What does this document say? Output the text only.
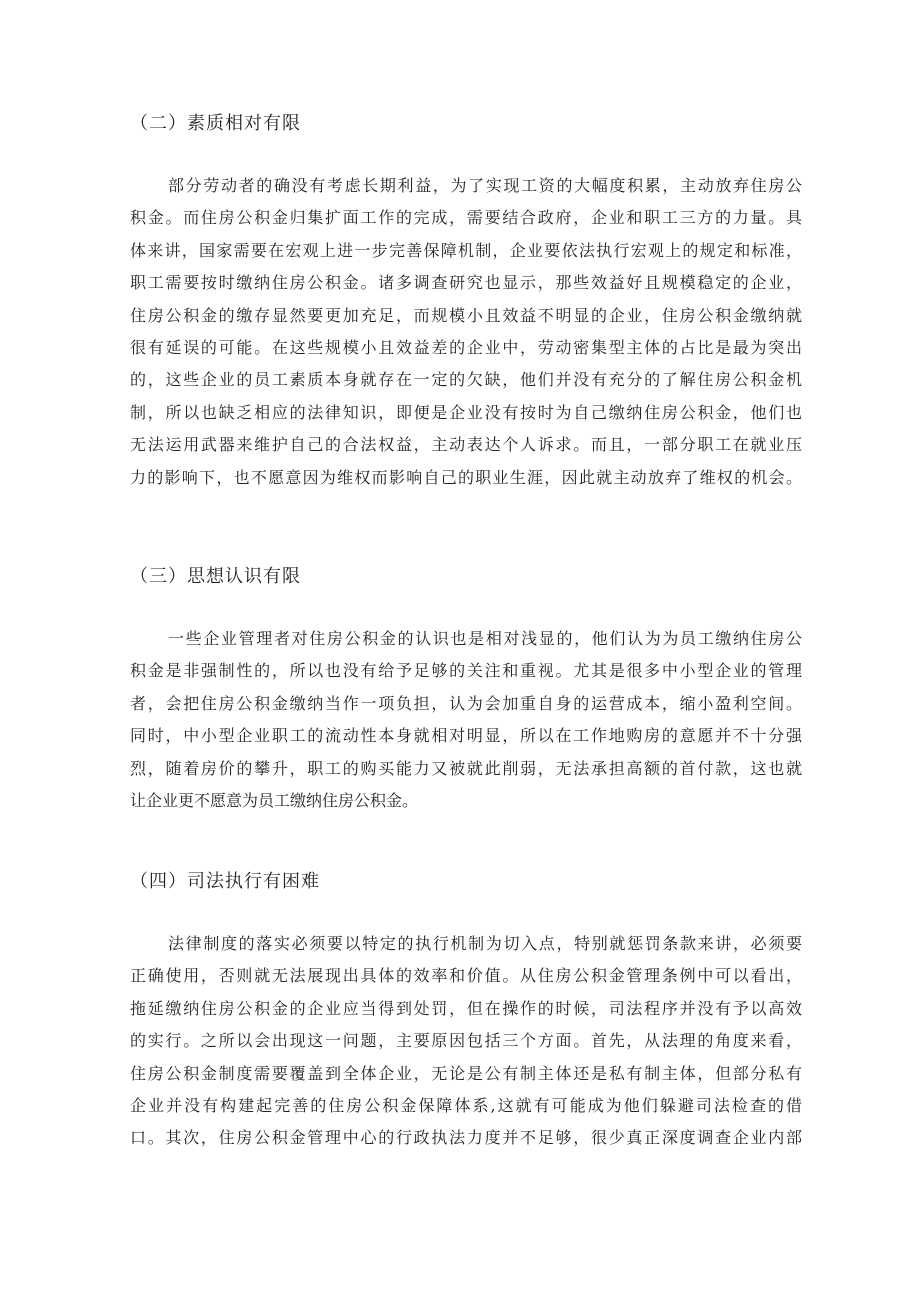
（二）素质相对有限
部分劳动者的确没有考虑长期利益，为了实现工资的大幅度积累，主动放弃住房公
积金。而住房公积金归集扩面工作的完成，需要结合政府，企业和职工三方的力量。具
体来讲，国家需要在宏观上进一步完善保障机制，企业要依法执行宏观上的规定和标准，
职工需要按时缴纳住房公积金。诸多调查研究也显示，那些效益好且规模稳定的企业，
住房公积金的缴存显然要更加充足，而规模小且效益不明显的企业，住房公积金缴纳就
很有延误的可能。在这些规模小且效益差的企业中，劳动密集型主体的占比是最为突出
的，这些企业的员工素质本身就存在一定的欠缺，他们并没有充分的了解住房公积金机
制，所以也缺乏相应的法律知识，即便是企业没有按时为自己缴纳住房公积金，他们也
无法运用武器来维护自己的合法权益，主动表达个人诉求。而且，一部分职工在就业压
力的影响下，也不愿意因为维权而影响自己的职业生涯，因此就主动放弃了维权的机会。
（三）思想认识有限
一些企业管理者对住房公积金的认识也是相对浅显的，他们认为为员工缴纳住房公
积金是非强制性的，所以也没有给予足够的关注和重视。尤其是很多中小型企业的管理
者，会把住房公积金缴纳当作一项负担，认为会加重自身的运营成本，缩小盈利空间。
同时，中小型企业职工的流动性本身就相对明显，所以在工作地购房的意愿并不十分强
烈，随着房价的攀升，职工的购买能力又被就此削弱，无法承担高额的首付款，这也就
让企业更不愿意为员工缴纳住房公积金。
（四）司法执行有困难
法律制度的落实必须要以特定的执行机制为切入点，特别就惩罚条款来讲，必须要
正确使用，否则就无法展现出具体的效率和价值。从住房公积金管理条例中可以看出，
拖延缴纳住房公积金的企业应当得到处罚，但在操作的时候，司法程序并没有予以高效
的实行。之所以会出现这一问题，主要原因包括三个方面。首先，从法理的角度来看，
住房公积金制度需要覆盖到全体企业，无论是公有制主体还是私有制主体，但部分私有
企业并没有构建起完善的住房公积金保障体系,这就有可能成为他们躲避司法检查的借
口。其次，住房公积金管理中心的行政执法力度并不足够，很少真正深度调查企业内部
